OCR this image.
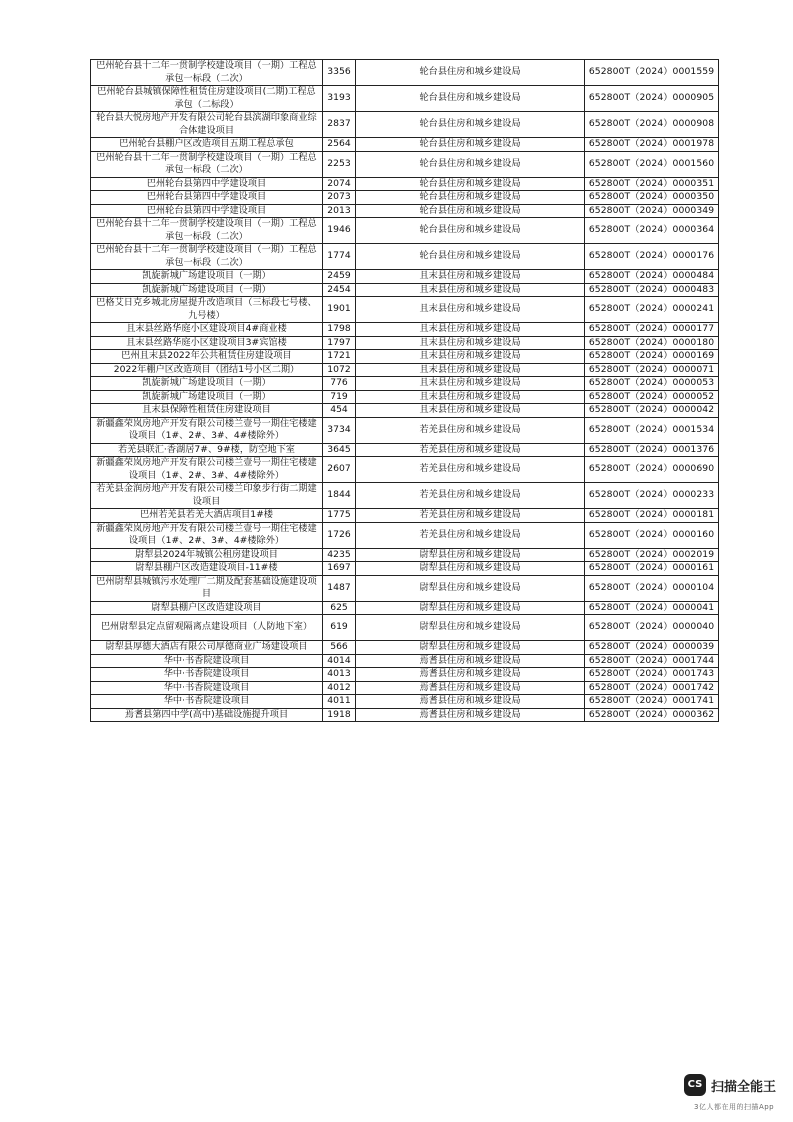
巴州轮台县十二年一贯制学校建设项目（一期）工程总承包一标段（二次）	3356	轮台县住房和城乡建设局	652800T（2024）0001559
巴州轮台县城镇保障性租赁住房建设项目(二期)工程总承包（二标段）	3193	轮台县住房和城乡建设局	652800T（2024）0000905
轮台县大悦房地产开发有限公司轮台县滨湖印象商业综合体建设项目	2837	轮台县住房和城乡建设局	652800T（2024）0000908
巴州轮台县棚户区改造项目五期工程总承包	2564	轮台县住房和城乡建设局	652800T（2024）0001978
巴州轮台县十二年一贯制学校建设项目（一期）工程总承包一标段（二次）	2253	轮台县住房和城乡建设局	652800T（2024）0001560
巴州轮台县第四中学建设项目	2074	轮台县住房和城乡建设局	652800T（2024）0000351
巴州轮台县第四中学建设项目	2073	轮台县住房和城乡建设局	652800T（2024）0000350
巴州轮台县第四中学建设项目	2013	轮台县住房和城乡建设局	652800T（2024）0000349
巴州轮台县十二年一贯制学校建设项目（一期）工程总承包一标段（二次）	1946	轮台县住房和城乡建设局	652800T（2024）0000364
巴州轮台县十二年一贯制学校建设项目（一期）工程总承包一标段（二次）	1774	轮台县住房和城乡建设局	652800T（2024）0000176
凯旋新城广场建设项目（一期）	2459	且末县住房和城乡建设局	652800T（2024）0000484
凯旋新城广场建设项目（一期）	2454	且末县住房和城乡建设局	652800T（2024）0000483
巴格艾日克乡城北房屋提升改造项目（三标段七号楼、九号楼）	1901	且末县住房和城乡建设局	652800T（2024）0000241
且末县丝路华庭小区建设项目4#商业楼	1798	且末县住房和城乡建设局	652800T（2024）0000177
且末县丝路华庭小区建设项目3#宾馆楼	1797	且末县住房和城乡建设局	652800T（2024）0000180
巴州且末县2022年公共租赁住房建设项目	1721	且末县住房和城乡建设局	652800T（2024）0000169
2022年棚户区改造项目（团结1号小区二期）	1072	且末县住房和城乡建设局	652800T（2024）0000071
凯旋新城广场建设项目（一期）	776	且末县住房和城乡建设局	652800T（2024）0000053
凯旋新城广场建设项目（一期）	719	且末县住房和城乡建设局	652800T（2024）0000052
且末县保障性租赁住房建设项目	454	且末县住房和城乡建设局	652800T（2024）0000042
新疆鑫荣岚房地产开发有限公司楼兰壹号一期住宅楼建设项目（1#、2#、3#、4#楼除外）	3734	若羌县住房和城乡建设局	652800T（2024）0001534
若羌县联汇·香湖居7#、9#楼，防空地下室	3645	若羌县住房和城乡建设局	652800T（2024）0001376
新疆鑫荣岚房地产开发有限公司楼兰壹号一期住宅楼建设项目（1#、2#、3#、4#楼除外）	2607	若羌县住房和城乡建设局	652800T（2024）0000690
若羌县金润房地产开发有限公司楼兰印象步行街二期建设项目	1844	若羌县住房和城乡建设局	652800T（2024）0000233
巴州若羌县若羌大酒店项目1#楼	1775	若羌县住房和城乡建设局	652800T（2024）0000181
新疆鑫荣岚房地产开发有限公司楼兰壹号一期住宅楼建设项目（1#、2#、3#、4#楼除外）	1726	若羌县住房和城乡建设局	652800T（2024）0000160
尉犁县2024年城镇公租房建设项目	4235	尉犁县住房和城乡建设局	652800T（2024）0002019
尉犁县棚户区改造建设项目-11#楼	1697	尉犁县住房和城乡建设局	652800T（2024）0000161
巴州尉犁县城镇污水处理厂二期及配套基础设施建设项目	1487	尉犁县住房和城乡建设局	652800T（2024）0000104
尉犁县棚户区改造建设项目	625	尉犁县住房和城乡建设局	652800T（2024）0000041
巴州尉犁县定点留观隔离点建设项目（人防地下室）	619	尉犁县住房和城乡建设局	652800T（2024）0000040
尉犁县厚德大酒店有限公司厚德商业广场建设项目	566	尉犁县住房和城乡建设局	652800T（2024）0000039
华中·书香院建设项目	4014	焉耆县住房和城乡建设局	652800T（2024）0001744
华中·书香院建设项目	4013	焉耆县住房和城乡建设局	652800T（2024）0001743
华中·书香院建设项目	4012	焉耆县住房和城乡建设局	652800T（2024）0001742
华中·书香院建设项目	4011	焉耆县住房和城乡建设局	652800T（2024）0001741
焉耆县第四中学(高中)基础设施提升项目	1918	焉耆县住房和城乡建设局	652800T（2024）0000362
CS 扫描全能王
3亿人都在用的扫描App
